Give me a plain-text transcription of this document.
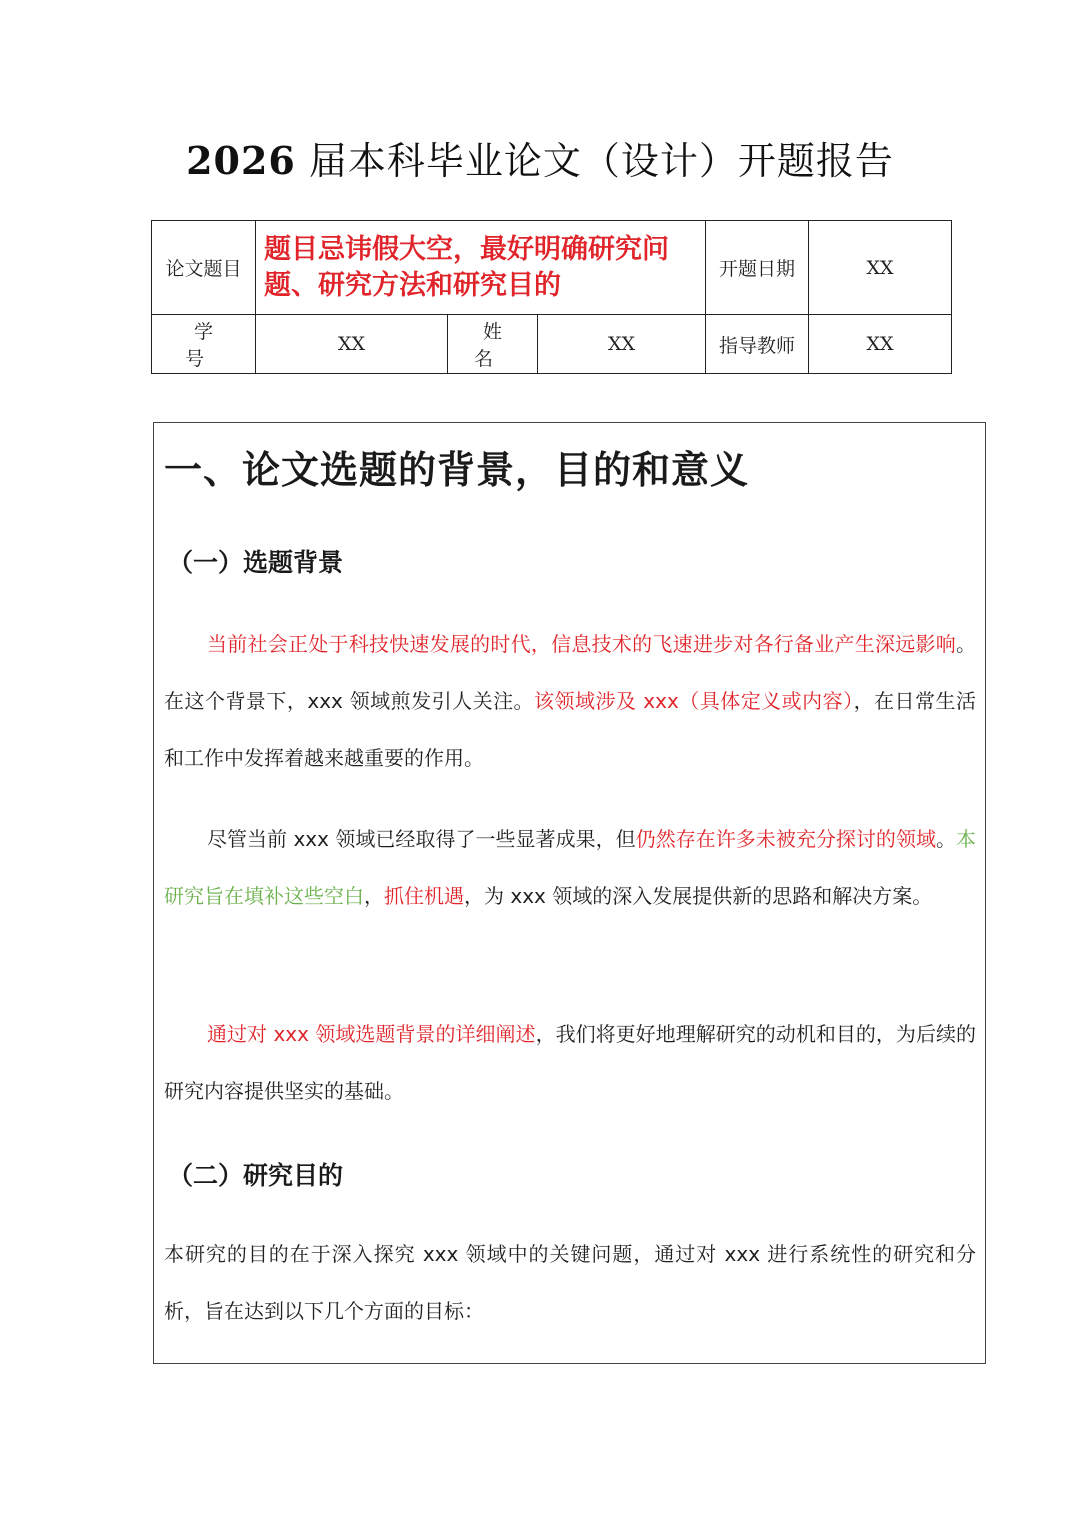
2026 届本科毕业论文（设计）开题报告
论文题目	题目忌讳假大空，最好明确研究问题、研究方法和研究目的			开题日期	XX
学 号	XX	姓 名	XX	指导教师	XX
一、论文选题的背景，目的和意义
（一）选题背景
当前社会正处于科技快速发展的时代，信息技术的飞速进步对各行备业产生深远影响。在这个背景下，xxx 领域煎发引人关注。该领域涉及 xxx（具体定义或内容），在日常生活和工作中发挥着越来越重要的作用。
尽管当前 xxx 领域已经取得了一些显著成果，但仍然存在许多未被充分探讨的领域。本研究旨在填补这些空白，抓住机遇，为 xxx 领域的深入发展提供新的思路和解决方案。
通过对 xxx 领域选题背景的详细阐述，我们将更好地理解研究的动机和目的，为后续的研究内容提供坚实的基础。
（二）研究目的
本研究的目的在于深入探究 xxx 领域中的关键问题，通过对 xxx 进行系统性的研究和分析，旨在达到以下几个方面的目标：
